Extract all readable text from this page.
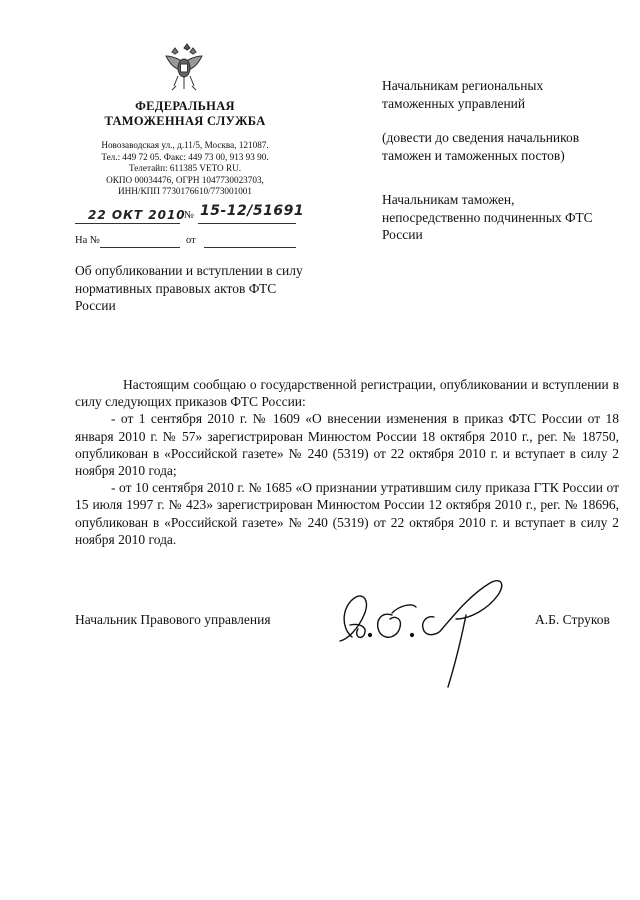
ФЕДЕРАЛЬНАЯ
ТАМОЖЕННАЯ СЛУЖБА
Новозаводская ул., д.11/5, Москва, 121087.
Тел.: 449 72 05. Факс: 449 73 00, 913 93 90.
Телетайп: 611385 VETO RU.
ОКПО 00034476, ОГРН 1047730023703,
ИНН/КПП 7730176610/773001001
22 ОКТ 2010
№ 15-12/51691
На №	от
Об опубликовании и вступлении в силу нормативных правовых актов ФТС России

Начальникам региональных таможенных управлений

(довести до сведения начальников таможен и таможенных постов)

Начальникам таможен, непосредственно подчиненных ФТС России

Настоящим сообщаю о государственной регистрации, опубликовании и вступлении в силу следующих приказов ФТС России:

- от 1 сентября 2010 г. № 1609 «О внесении изменения в приказ ФТС России от 18 января 2010 г. № 57» зарегистрирован Минюстом России 18 октября 2010 г., рег. № 18750, опубликован в «Российской газете» № 240 (5319) от 22 октября 2010 г. и вступает в силу 2 ноября 2010 года;

- от 10 сентября 2010 г. № 1685 «О признании утратившим силу приказа ГТК России от 15 июля 1997 г. № 423» зарегистрирован Минюстом России 12 октября 2010 г., рег. № 18696, опубликован в «Российской газете» № 240 (5319) от 22 октября 2010 г. и вступает в силу 2 ноября 2010 года.

Начальник Правового управления	А.Б. Струков
